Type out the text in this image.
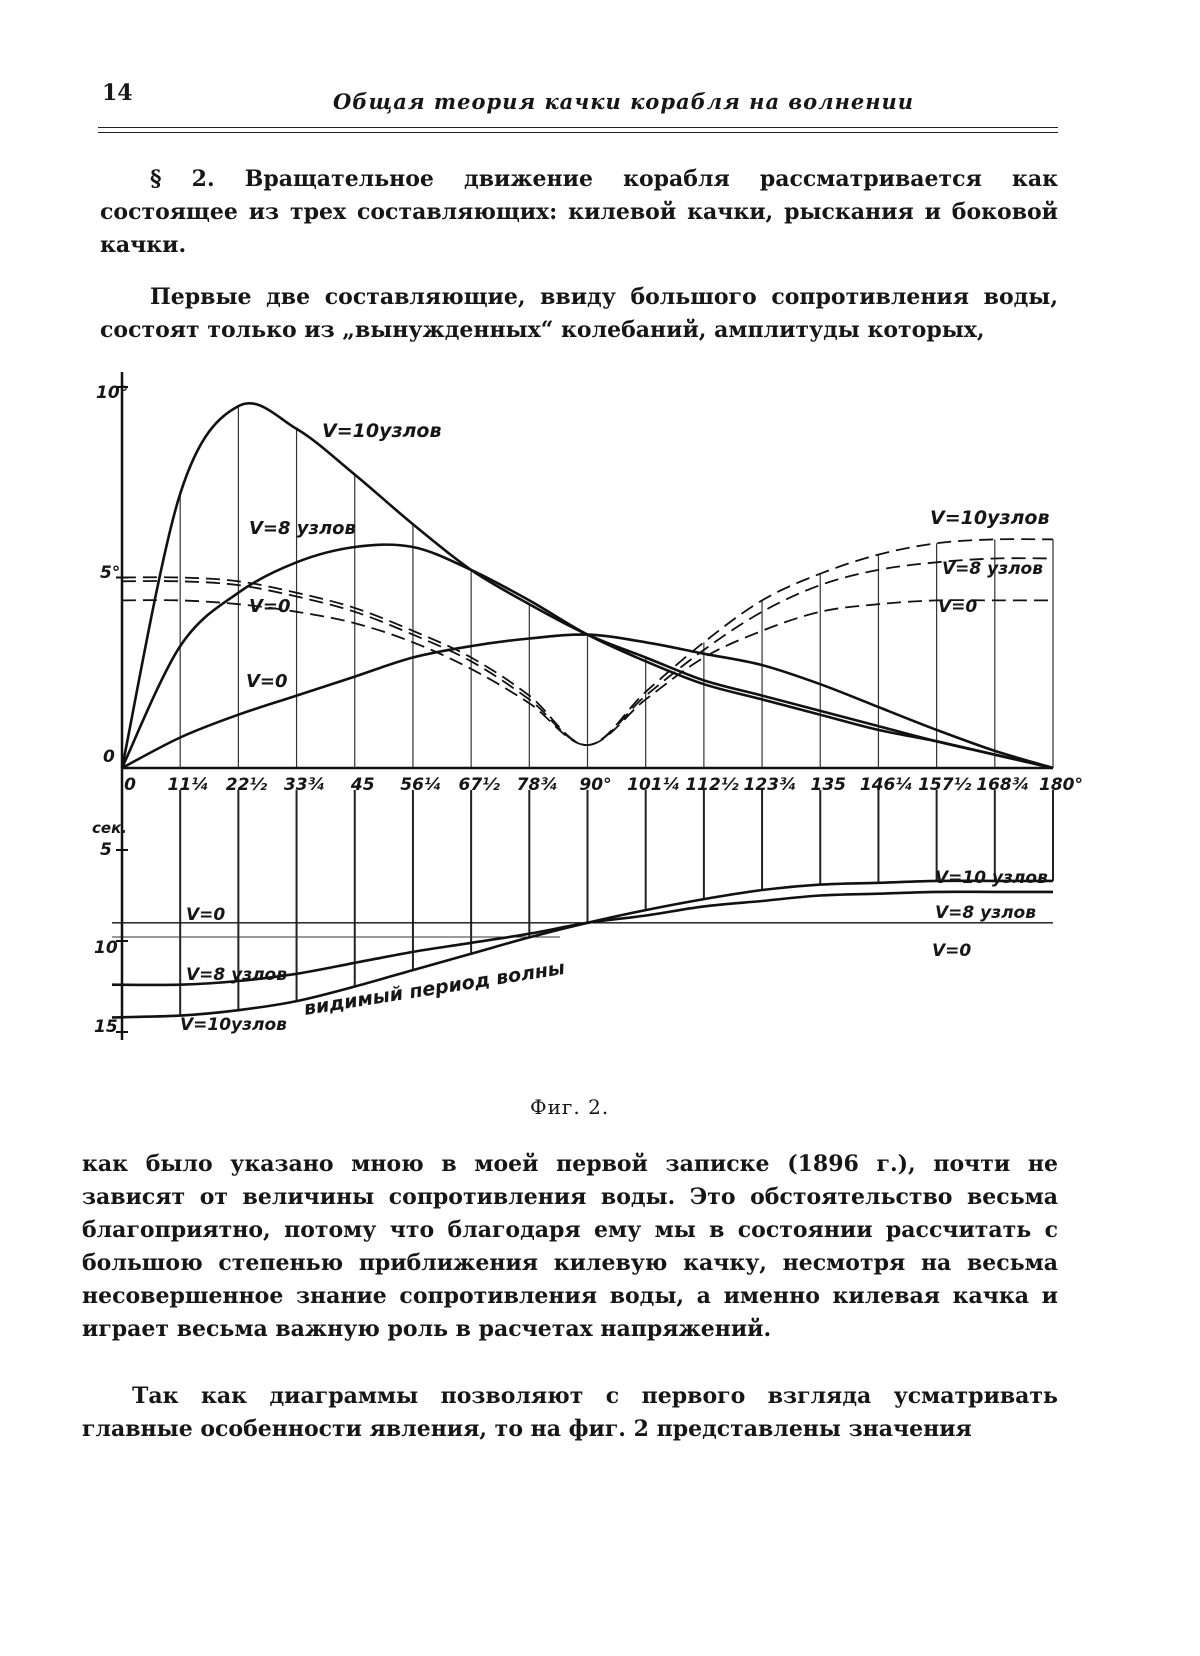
14	Общая теория качки корабля на волнении

§ 2. Вращательное движение корабля рассматривается как состоящее из трех составляющих: килевой качки, рыскания и боковой качки.

Первые две составляющие, ввиду большого сопротивления воды, состоят только из „вынужденных“ колебаний, амплитуды которых,

10°
5°
0
сек.
5
10
15
V=10узлов
V=8 узлов
V=0
V=0
V=10узлов
V=8 узлов
V=0
V=10 узлов
V=8 узлов
V=0
V=0
V=8 узлов
V=10узлов
видимый период волны
0 11¼ 22½ 33¾ 45 56¼ 67½ 78¾ 90° 101¼ 112½ 123¾ 135 146¼ 157½ 168¾ 180°
Фиг. 2.

как было указано мною в моей первой записке (1896 г.), почти не зависят от величины сопротивления воды. Это обстоятельство весьма благоприятно, потому что благодаря ему мы в состоянии рассчитать с большою степенью приближения килевую качку, несмотря на весьма несовершенное знание сопротивления воды, а именно килевая качка и играет весьма важную роль в расчетах напряжений.

Так как диаграммы позволяют с первого взгляда усматривать главные особенности явления, то на фиг. 2 представлены значения
